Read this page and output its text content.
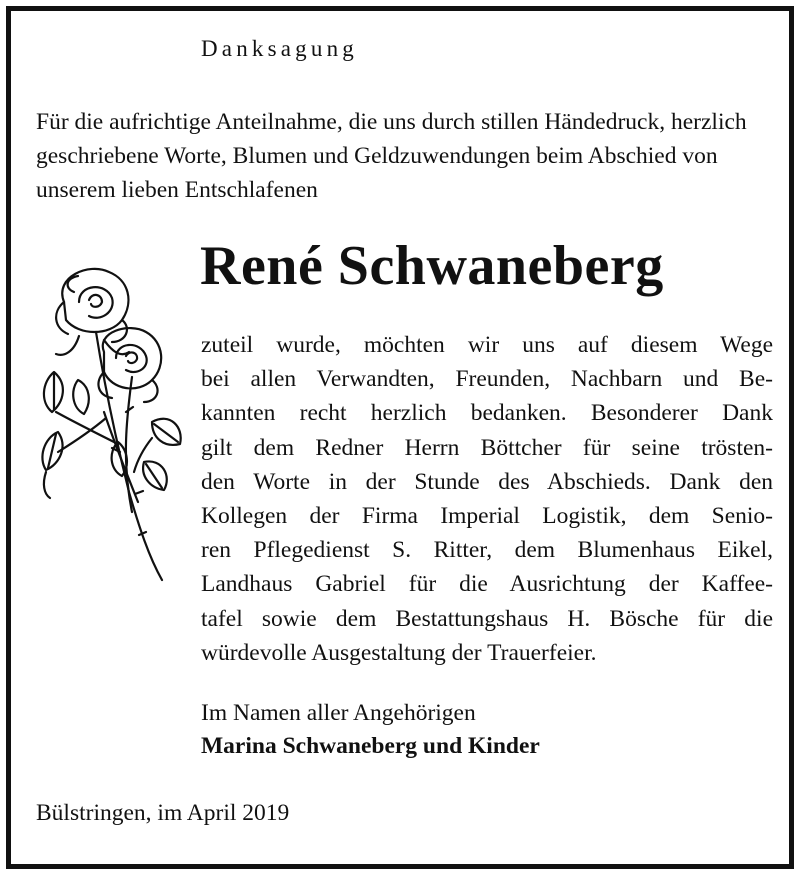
Danksagung
Für die aufrichtige Anteilnahme, die uns durch stillen Händedruck, herzlich geschriebene Worte, Blumen und Geldzuwendungen beim Abschied von unserem lieben Entschlafenen
René Schwaneberg
zuteil wurde, möchten wir uns auf diesem Wege
bei allen Verwandten, Freunden, Nachbarn und Be-
kannten recht herzlich bedanken. Besonderer Dank
gilt dem Redner Herrn Böttcher für seine trösten-
den Worte in der Stunde des Abschieds. Dank den
Kollegen der Firma Imperial Logistik, dem Senio-
ren Pflegedienst S. Ritter, dem Blumenhaus Eikel,
Landhaus Gabriel für die Ausrichtung der Kaffee-
tafel sowie dem Bestattungshaus H. Bösche für die
würdevolle Ausgestaltung der Trauerfeier.
Im Namen aller Angehörigen
Marina Schwaneberg und Kinder
Bülstringen, im April 2019
